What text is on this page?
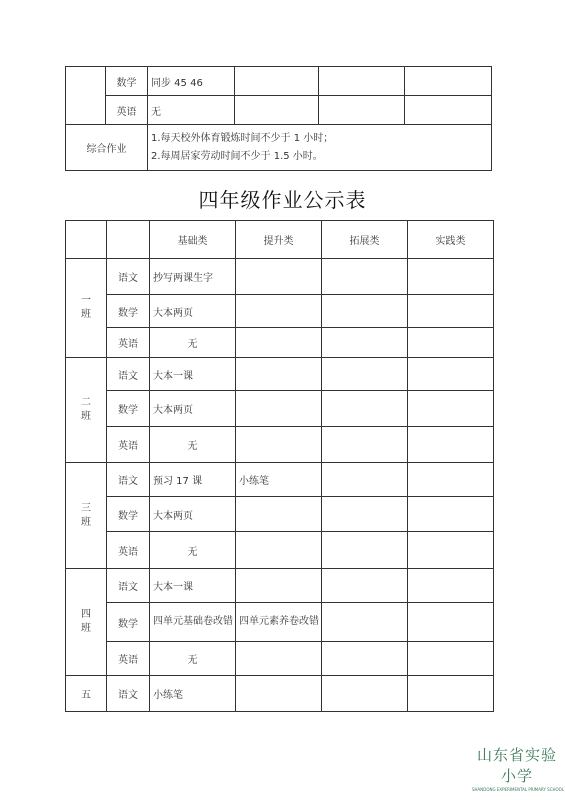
	数学	同步 45 46			
	英语	无			
综合作业		1.每天校外体育锻炼时间不少于 1 小时；
2.每周居家劳动时间不少于 1.5 小时。			
四年级作业公示表
		基础类	提升类	拓展类	实践类

一
班	语文	抄写两课生字			
	数学	大本两页			
	英语	无			

二
班	语文	大本一课			
	数学	大本两页			
	英语	无			

三
班	语文	预习 17 课	小练笔		
	数学	大本两页			
	英语	无			

四
班	语文	大本一课			
	数学	四单元基础卷改错	四单元素养卷改错		
	英语	无			
五	语文	小练笔			
山东省实验小学
SHANDONG EXPERIMENTAL PRIMARY SCHOOL
